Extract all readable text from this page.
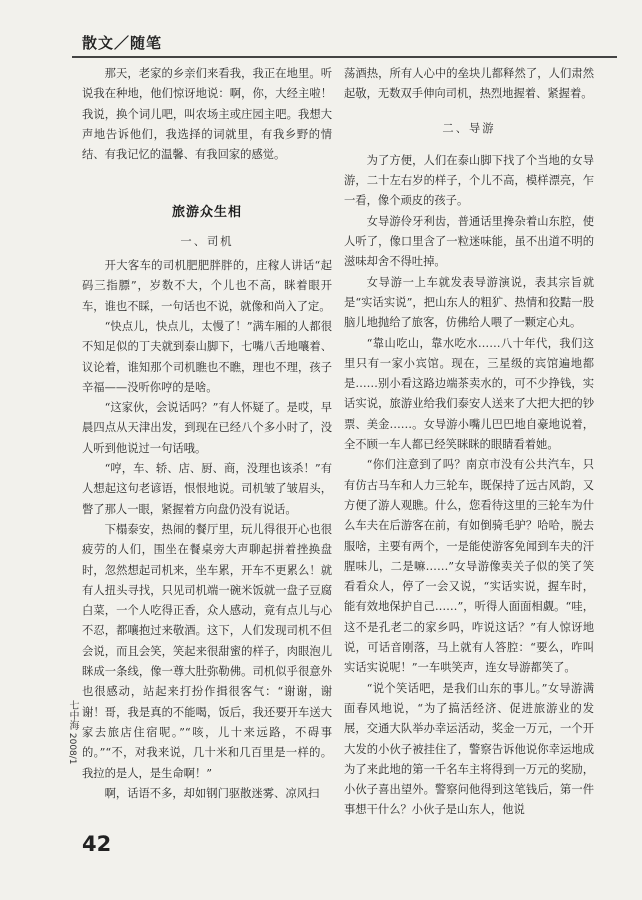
散文／随笔

那天，老家的乡亲们来看我，我正在地里。听说我在种地，他们惊讶地说：啊，你，大经主啦！我说，换个词儿吧，叫农场主或庄园主吧。我想大声地告诉他们，我选择的词就里，有我乡野的情结、有我记忆的温馨、有我回家的感觉。

旅游众生相
一、司机

开大客车的司机肥肥胖胖的，庄稼人讲话“起码三指膘”，岁数不大，个儿也不高，眯着眼开车，谁也不睬，一句话也不说，就像和尚入了定。

“快点儿，快点儿，太慢了！”满车厢的人都很不知足似的丁夫就到泰山脚下，七嘴八舌地嚷着、议论着，谁知那个司机瞧也不瞧，理也不理，孩子辛福——没听你哼的是啥。

“这家伙，会说话吗？”有人怀疑了。是哎，早晨四点从天津出发，到现在已经八个多小时了，没人听到他说过一句话哦。

“哼，车、轿、店、厨、商，没理也该杀！”有人想起这句老谚语，恨恨地说。司机皱了皱眉头，瞥了那人一眼，紧握着方向盘仍没有说话。

下榻泰安，热闹的餐厅里，玩儿得很开心也很疲劳的人们，围坐在餐桌旁大声聊起拼着挫换盘时，忽然想起司机来，坐车累，开车不更累么！就有人扭头寻找，只见司机端一碗米饭就一盘子豆腐白菜，一个人吃得正香，众人感动，竟有点儿与心不忍，都嚷抱过来敬酒。这下，人们发现司机不但会说，而且会笑，笑起来很甜蜜的样子，肉眼泡儿眯成一条线，像一尊大肚弥勒佛。司机似乎很意外也很感动，站起来打扮作揖很客气：“谢谢，谢谢！哥，我是真的不能喝，饭后，我还要开车送大家去旅店住宿呢。”“咳，儿十来远路，不碍事的。”“不，对我来说，几十米和几百里是一样的。我拉的是人，是生命啊！”

啊，话语不多，却如钢门驱散迷雾、凉风扫

荡酒热，所有人心中的垒块儿都释然了，人们肃然起敬，无数双手伸向司机，热烈地握着、紧握着。

二、导游

为了方便，人们在泰山脚下找了个当地的女导游，二十左右岁的样子，个儿不高，模样漂亮，乍一看，像个顽皮的孩子。

女导游伶牙利齿，普通话里搀杂着山东腔，使人听了，像口里含了一粒迷味能，虽不出道不明的滋味却舍不得吐掉。

女导游一上车就发表导游演说，表其宗旨就是“实话实说”，把山东人的粗犷、热情和狡黠一股脑儿地抛给了旅客，仿佛给人喂了一颗定心丸。

“靠山吃山，靠水吃水……八十年代，我们这里只有一家小宾馆。现在，三星级的宾馆遍地都是……别小看这路边端茶卖水的，可不少挣钱，实话实说，旅游业给我们泰安人送来了大把大把的钞票、美金……。女导游小嘴儿巴巴地自豪地说着，全不顾一车人都已经笑眯眯的眼睛看着她。

“你们注意到了吗？南京市没有公共汽车，只有仿古马车和人力三轮车，既保持了远古风韵，又方便了游人观瞧。什么，您看待这里的三轮车为什么车夫在后游客在前，有如倒骑毛驴？哈哈，脱去服啥，主要有两个，一是能使游客免闻到车夫的汗腥味儿，二是嘛……”女导游像卖关子似的笑了笑看看众人，停了一会又说，“实话实说，握车时，能有效地保护自己……”，听得人面面相觑。“哇，这不是孔老二的家乡吗，咋说这话？”有人惊讶地说，可话音刚落，马上就有人答腔：“要么，咋叫实话实说呢！”一车哄笑声，连女导游都笑了。

“说个笑话吧，是我们山东的事儿。”女导游满面春风地说，“为了搞活经济、促进旅游业的发展，交通大队举办幸运活动，奖金一万元，一个开大发的小伙子被挂住了，警察告诉他说你幸运地成为了来此地的第一千名车主将得到一万元的奖励，小伙子喜出望外。警察问他得到这笔钱后，第一件事想干什么？小伙子是山东人，他说

七中海 2008/1
42
